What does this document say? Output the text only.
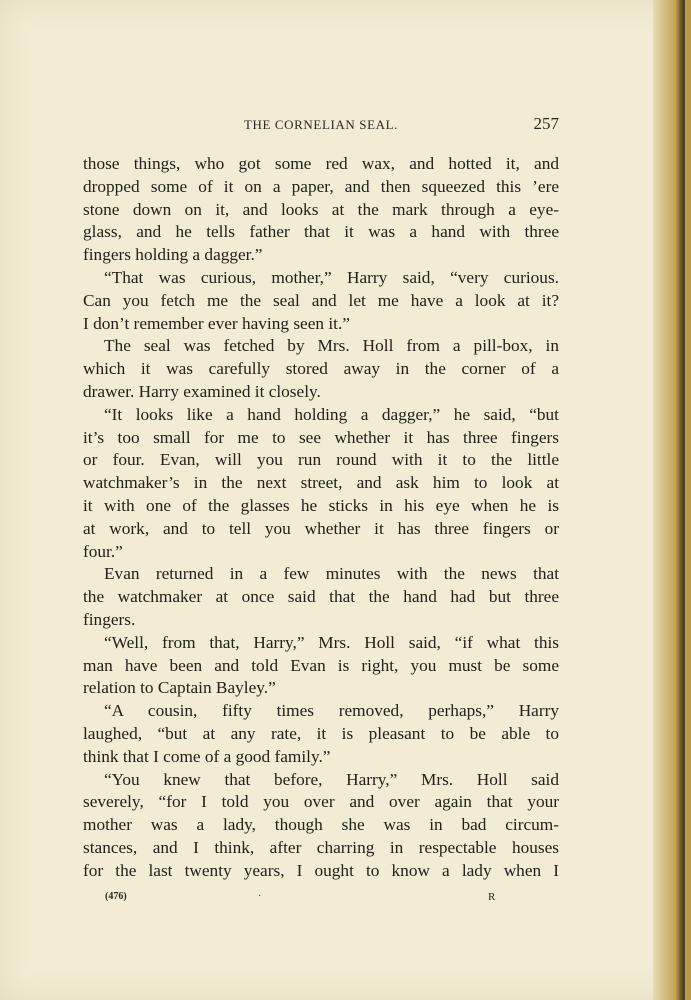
THE CORNELIAN SEAL.	257
those things, who got some red wax, and hotted it, and
dropped some of it on a paper, and then squeezed this ’ere
stone down on it, and looks at the mark through a eye-
glass, and he tells father that it was a hand with three
fingers holding a dagger.”
“That was curious, mother,” Harry said, “very curious.
Can you fetch me the seal and let me have a look at it?
I don’t remember ever having seen it.”
The seal was fetched by Mrs. Holl from a pill-box, in
which it was carefully stored away in the corner of a
drawer. Harry examined it closely.
“It looks like a hand holding a dagger,” he said, “but
it’s too small for me to see whether it has three fingers
or four. Evan, will you run round with it to the little
watchmaker’s in the next street, and ask him to look at
it with one of the glasses he sticks in his eye when he is
at work, and to tell you whether it has three fingers or
four.”
Evan returned in a few minutes with the news that
the watchmaker at once said that the hand had but three
fingers.
“Well, from that, Harry,” Mrs. Holl said, “if what this
man have been and told Evan is right, you must be some
relation to Captain Bayley.”
“A cousin, fifty times removed, perhaps,” Harry
laughed, “but at any rate, it is pleasant to be able to
think that I come of a good family.”
“You knew that before, Harry,” Mrs. Holl said
severely, “for I told you over and over again that your
mother was a lady, though she was in bad circum-
stances, and I think, after charring in respectable houses
for the last twenty years, I ought to know a lady when I
(476)	·	R
